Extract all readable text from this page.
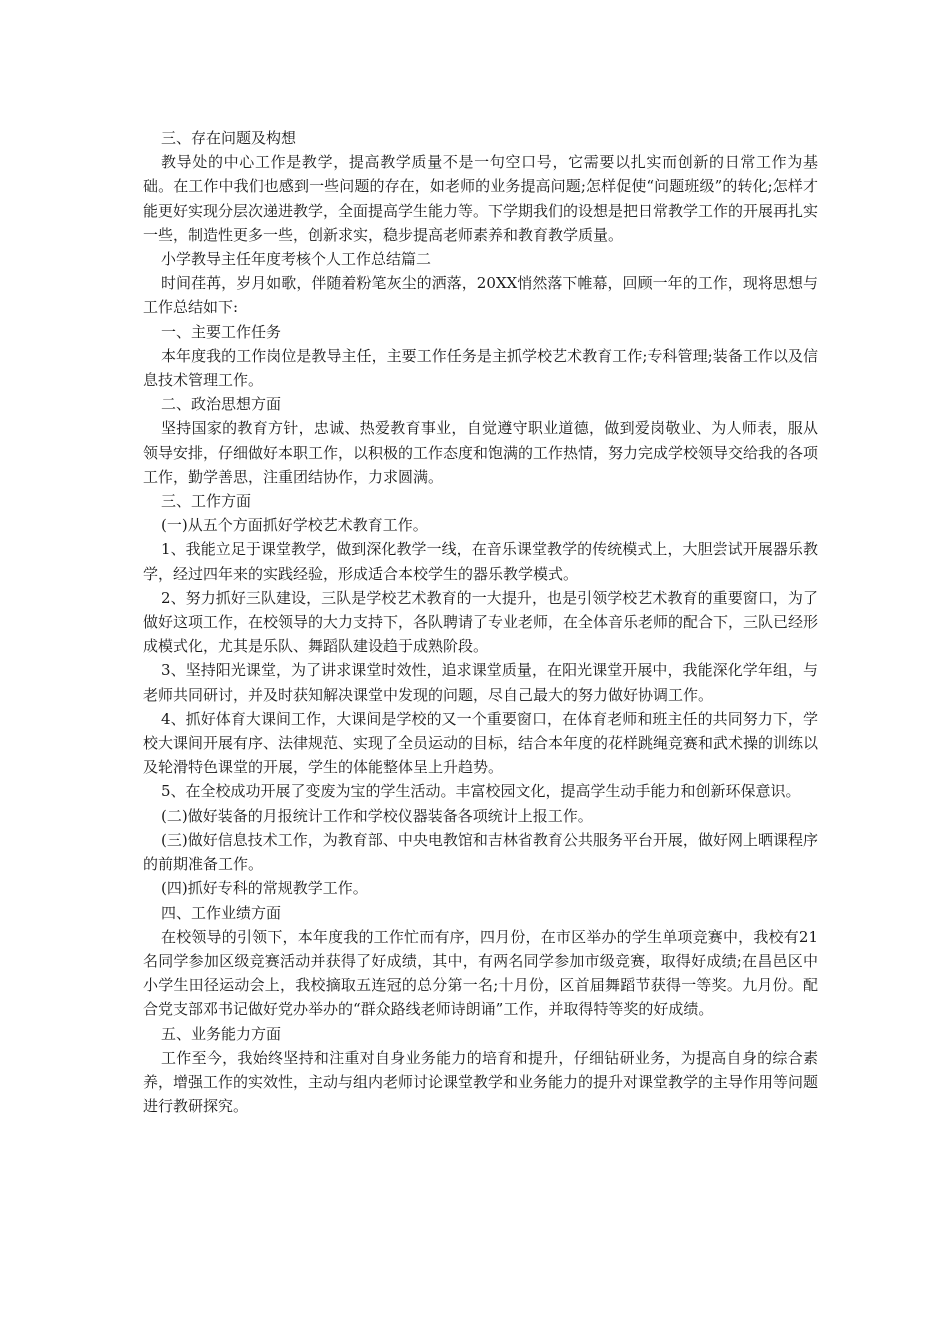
三、存在问题及构想

教导处的中心工作是教学，提高教学质量不是一句空口号，它需要以扎实而创新的日常工作为基础。在工作中我们也感到一些问题的存在，如老师的业务提高问题;怎样促使“问题班级”的转化;怎样才能更好实现分层次递进教学，全面提高学生能力等。下学期我们的设想是把日常教学工作的开展再扎实一些，制造性更多一些，创新求实，稳步提高老师素养和教育教学质量。

小学教导主任年度考核个人工作总结篇二

时间荏苒，岁月如歌，伴随着粉笔灰尘的洒落，20XX悄然落下帷幕，回顾一年的工作，现将思想与工作总结如下:

一、主要工作任务

本年度我的工作岗位是教导主任，主要工作任务是主抓学校艺术教育工作;专科管理;装备工作以及信息技术管理工作。

二、政治思想方面

坚持国家的教育方针，忠诚、热爱教育事业，自觉遵守职业道德，做到爱岗敬业、为人师表，服从领导安排，仔细做好本职工作，以积极的工作态度和饱满的工作热情，努力完成学校领导交给我的各项工作，勤学善思，注重团结协作，力求圆满。

三、工作方面

(一)从五个方面抓好学校艺术教育工作。

1、我能立足于课堂教学，做到深化教学一线，在音乐课堂教学的传统模式上，大胆尝试开展器乐教学，经过四年来的实践经验，形成适合本校学生的器乐教学模式。

2、努力抓好三队建设，三队是学校艺术教育的一大提升，也是引领学校艺术教育的重要窗口，为了做好这项工作，在校领导的大力支持下，各队聘请了专业老师，在全体音乐老师的配合下，三队已经形成模式化，尤其是乐队、舞蹈队建设趋于成熟阶段。

3、坚持阳光课堂，为了讲求课堂时效性，追求课堂质量，在阳光课堂开展中，我能深化学年组，与老师共同研讨，并及时获知解决课堂中发现的问题，尽自己最大的努力做好协调工作。

4、抓好体育大课间工作，大课间是学校的又一个重要窗口，在体育老师和班主任的共同努力下，学校大课间开展有序、法律规范、实现了全员运动的目标，结合本年度的花样跳绳竞赛和武术操的训练以及轮滑特色课堂的开展，学生的体能整体呈上升趋势。

5、在全校成功开展了变废为宝的学生活动。丰富校园文化，提高学生动手能力和创新环保意识。

(二)做好装备的月报统计工作和学校仪器装备各项统计上报工作。

(三)做好信息技术工作，为教育部、中央电教馆和吉林省教育公共服务平台开展，做好网上晒课程序的前期准备工作。

(四)抓好专科的常规教学工作。

四、工作业绩方面

在校领导的引领下，本年度我的工作忙而有序，四月份，在市区举办的学生单项竞赛中，我校有21名同学参加区级竞赛活动并获得了好成绩，其中，有两名同学参加市级竞赛，取得好成绩;在昌邑区中小学生田径运动会上，我校摘取五连冠的总分第一名;十月份，区首届舞蹈节获得一等奖。九月份。配合党支部邓书记做好党办举办的“群众路线老师诗朗诵”工作，并取得特等奖的好成绩。

五、业务能力方面

工作至今，我始终坚持和注重对自身业务能力的培育和提升，仔细钻研业务，为提高自身的综合素养，增强工作的实效性，主动与组内老师讨论课堂教学和业务能力的提升对课堂教学的主导作用等问题进行教研探究。
